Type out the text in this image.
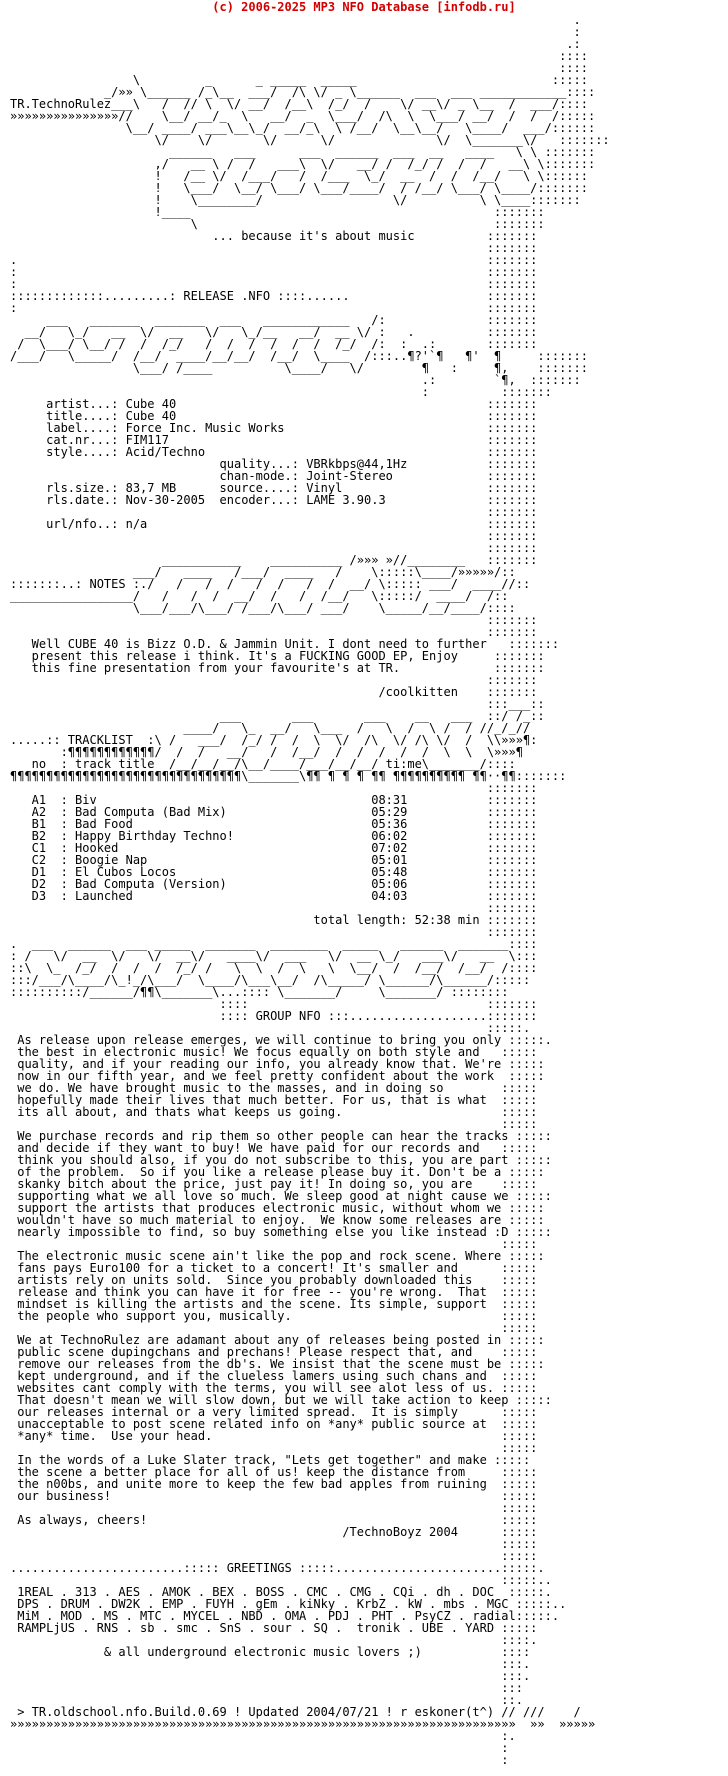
(c) 2006-2025 MP3 NFO Database [infodb.ru]
.
:
.:
::::
::::
\         _      _ _____  _____                           :::::
_/»» \______ /_\__  ___/  /\ \/ _ \______  ___  ___ ____________::::
TR.TechnoRulez___\   /  // \  \/ __/  /__\  /_/  /    \/ __\/ _ \__  /  ___/::::
»»»»»»»»»»»»»»»//    \__/ __/_  \   __/  _  \___/  /\  \  \___/ __/  /  /  /:::::
\__/ ____/ ___\__\_/  __/_\  \ /__/  \__\__/   \____/  ___/::::::
\/    \/       \/      \/              \/  \_______\/   :::::::
______   ___      ___  ______  ___  __   ____   \ \ :::::::
,/   __ \ /  /   ___\  \/   __/ /  /_/ /  /  /   __\ \:::::::
!   /__ \/  /___/   /  /___  \_/  __  /  /  /__/   \ \::::::
!   \___/  \__/ \___/ \___/____/  / /__/ \___/ \____/:::::::
!    \________/                  \/          \ \____:::::::
!____                                          :::::::
\                                         :::::::
... because it's about music          :::::::
:::::::
.                                                                 :::::::
:                                                                 :::::::
:                                                                 :::::::
:::::::::::::.........: RELEASE .NFO ::::......                   :::::::
:                                                                 :::::::
___   _______  _______  ___   ____________   /:              :::::::
__/   \_/   __  \/  __   \/   \_/__   __/  __ \/ :   .          :::::::
/  \___/ \__/ /  /  /_/   /  /  /  /  /  /  /_/  /:  :  .:       :::::::
/___/   \_____/  /__/  ____/__/__/  /__/  \____  /:::..¶?'`¶   ¶'  ¶     :::::::
\___/ /____          \____/   \/        ¶   :     ¶,    :::::::
.:        `¶,  :::::::
:          :::::::
artist...: Cube 40                                           :::::::
title....: Cube 40                                           :::::::
label....: Force Inc. Music Works                            :::::::
cat.nr...: FIM117                                            :::::::
style....: Acid/Techno                                       :::::::
quality...: VBRkbps@44,1Hz           :::::::
chan-mode.: Joint-Stereo             :::::::
rls.size.: 83,7 MB      source....: Vinyl                    :::::::
rls.date.: Nov-30-2005  encoder...: LAME 3.90.3              :::::::
:::::::
url/nfo..: n/a                                               :::::::
:::::::
:::::::
___________    __________ /»»» »//________   :::::::
___/   ____   /___/  ____   /    \:::::\____/»»»»»/::
:::::::..: NOTES :./   /   /  /   /  /   /  /  __/ \::::: ___/  ____//::
_________________/   /   /  /  __/  /   /  /__/   \:::::/  ____/  /::
\___/___/\___/ /___/\___/ ___/    \_____/__/____/::::
:::::::
:::::::
Well CUBE 40 is Bizz O.D. & Jammin Unit. I dont need to further   :::::::
present this release i think. It's a FUCKING GOOD EP, Enjoy     :::::::
this fine presentation from your favourite's at TR.             :::::::
:::::::
/coolkitten    :::::::
:::___::
___       ___       ___    __   ___  ::/ /_::
____/   \_  __/   \___  /   \  /  \ /  / //_/_//
.....:: TRACKLIST  :\ /   ___/  /_/ /  /  \  \/  /\  \/ /\ \/  /  \\»»»¶:
:¶¶¶¶¶¶¶¶¶¶¶¶/  /  /   __/   /  /__/  /  /  /  /  /  \  \  \»»»¶
no  : track title  /__/__/__/\__/____/___/__/__/ ti:me\_______/::::
¶¶¶¶¶¶¶¶¶¶¶¶¶¶¶¶¶¶¶¶¶¶¶¶¶¶¶¶¶¶¶¶\_______\¶¶ ¶ ¶ ¶ ¶¶ ¶¶¶¶¶¶¶¶¶¶ ¶¶··¶¶:::::::
:::::::
A1  : Biv                                      08:31           :::::::
A2  : Bad Computa (Bad Mix)                    05:29           :::::::
B1  : Bad Food                                 05:36           :::::::
B2  : Happy Birthday Techno!                   06:02           :::::::
C1  : Hooked                                   07:02           :::::::
C2  : Boogie Nap                               05:01           :::::::
D1  : El Cubos Locos                           05:48           :::::::
D2  : Bad Computa (Version)                    05:06           :::::::
D3  : Launched                                 04:03           :::::::
:::::::
total length: 52:38 min :::::::
:::::::
.  ___  ______  ___ _____  _______  ________  _____   ______  _______::::
: /   \/  __  \/   \/  __\/   ____\/  ___   \/  __ \_/   ___\/   __  \:::
::\  \_  /_/  /  /  /  /_/ /   \  \  /  \   \  \__/  /  /__/  /__/  /::::
:::/___/\____/\_!_/\___/  \____/\___\__/  /\_____/ \______/\______/:::::
::::::::::/______/¶¶\_______\...:::: \_______/     \_______/ ::::::::
::::                                 :::::::
:::: GROUP NFO :::...................:::::::
:::::.
As release upon release emerges, we will continue to bring you only :::::.
the best in electronic music! We focus equally on both style and   :::::
quality, and if your reading our info, you already know that. We're :::::
now in our fifth year, and we feel pretty confident about the work  :::::
we do. We have brought music to the masses, and in doing so        :::::
hopefully made their lives that much better. For us, that is what  :::::
its all about, and thats what keeps us going.                      :::::
:::::
We purchase records and rip them so other people can hear the tracks :::::
and decide if they want to buy! We have paid for our records and   :::::
think you should also, if you do not subscribe to this, you are part :::::
of the problem.  So if you like a release please buy it. Don't be a :::::
skanky bitch about the price, just pay it! In doing so, you are    :::::
supporting what we all love so much. We sleep good at night cause we :::::
support the artists that produces electronic music, without whom we :::::
wouldn't have so much material to enjoy.  We know some releases are :::::
nearly impossible to find, so buy something else you like instead :D :::::
:::::
The electronic music scene ain't like the pop and rock scene. Where :::::
fans pays Euro100 for a ticket to a concert! It's smaller and      :::::
artists rely on units sold.  Since you probably downloaded this    :::::
release and think you can have it for free -- you're wrong.  That  :::::
mindset is killing the artists and the scene. Its simple, support  :::::
the people who support you, musically.                             :::::
:::::
We at TechnoRulez are adamant about any of releases being posted in :::::
public scene dupingchans and prechans! Please respect that, and    :::::
remove our releases from the db's. We insist that the scene must be :::::
kept underground, and if the clueless lamers using such chans and  :::::
websites cant comply with the terms, you will see alot less of us. :::::
That doesn't mean we will slow down, but we will take action to keep :::::
our releases internal or a very limited spread.  It is simply      :::::
unacceptable to post scene related info on *any* public source at  :::::
*any* time.  Use your head.                                        :::::
:::::
In the words of a Luke Slater track, "Lets get together" and make :::::
the scene a better place for all of us! keep the distance from     :::::
the n00bs, and unite more to keep the few bad apples from ruining  :::::
our business!                                                      :::::
:::::
As always, cheers!                                                 :::::
/TechnoBoyz 2004      :::::
:::::
:::::
........................::::: GREETINGS :::::.......................:::::.
:::::..
1REAL . 313 . AES . AMOK . BEX . BOSS . CMC . CMG . CQi . dh . DOC  :::::.
DPS . DRUM . DW2K . EMP . FUYH . gEm . kiNky . KrbZ . kW . mbs . MGC :::::..
MiM . MOD . MS . MTC . MYCEL . NBD . OMA . PDJ . PHT . PsyCZ . radial:::::.
RAMPLjUS . RNS . sb . smc . SnS . sour . SQ .  tronik . UBE . YARD :::::
::::.
& all underground electronic music lovers ;)           ::::
:::.
:::.
:::
::.
> TR.oldschool.nfo.Build.0.69 ! Updated 2004/07/21 ! r eskoner(t^) // ///    /
»»»»»»»»»»»»»»»»»»»»»»»»»»»»»»»»»»»»»»»»»»»»»»»»»»»»»»»»»»»»»»»»»»»»»»  »»  »»»»»
:.
:
:
